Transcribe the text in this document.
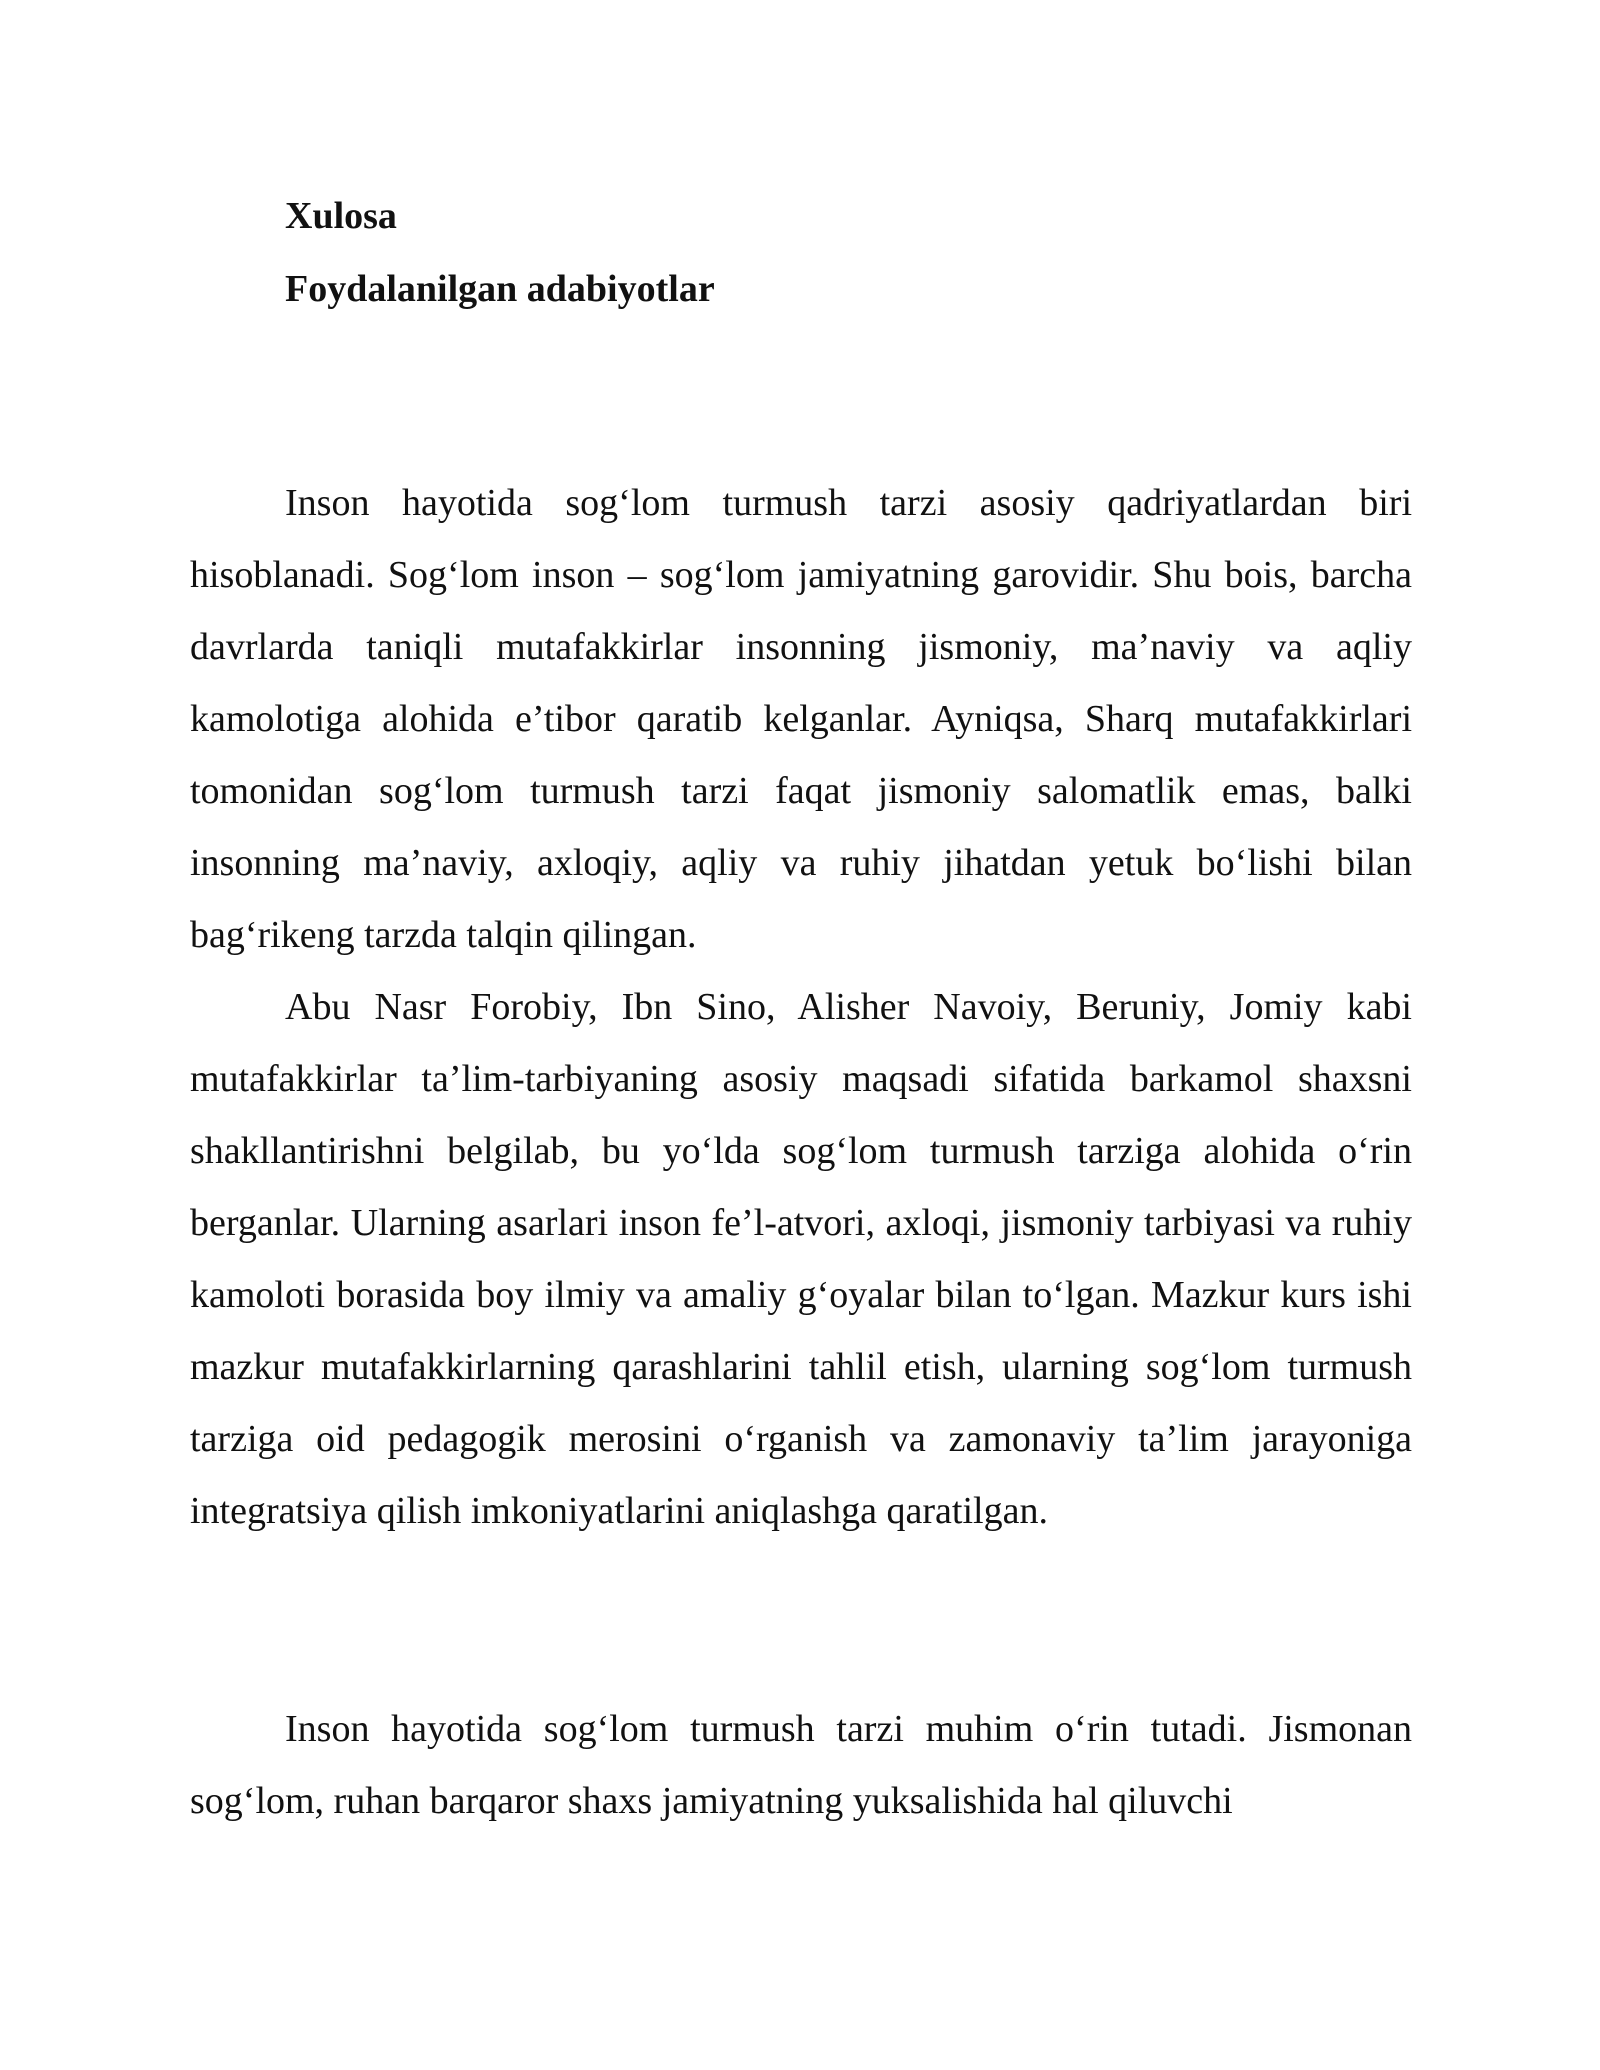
Xulosa
Foydalanilgan adabiyotlar

Inson hayotida sog‘lom turmush tarzi asosiy qadriyatlardan biri hisoblanadi. Sog‘lom inson – sog‘lom jamiyatning garovidir. Shu bois, barcha davrlarda taniqli mutafakkirlar insonning jismoniy, ma’naviy va aqliy kamolotiga alohida e’tibor qaratib kelganlar. Ayniqsa, Sharq mutafakkirlari tomonidan sog‘lom turmush tarzi faqat jismoniy salomatlik emas, balki insonning ma’naviy, axloqiy, aqliy va ruhiy jihatdan yetuk bo‘lishi bilan bag‘rikeng tarzda talqin qilingan.

Abu Nasr Forobiy, Ibn Sino, Alisher Navoiy, Beruniy, Jomiy kabi mutafakkirlar ta’lim-tarbiyaning asosiy maqsadi sifatida barkamol shaxsni shakllantirishni belgilab, bu yo‘lda sog‘lom turmush tarziga alohida o‘rin berganlar. Ularning asarlari inson fe’l-atvori, axloqi, jismoniy tarbiyasi va ruhiy kamoloti borasida boy ilmiy va amaliy g‘oyalar bilan to‘lgan. Mazkur kurs ishi mazkur mutafakkirlarning qarashlarini tahlil etish, ularning sog‘lom turmush tarziga oid pedagogik merosini o‘rganish va zamonaviy ta’lim jarayoniga integratsiya qilish imkoniyatlarini aniqlashga qaratilgan.

Inson hayotida sog‘lom turmush tarzi muhim o‘rin tutadi. Jismonan sog‘lom, ruhan barqaror shaxs jamiyatning yuksalishida hal qiluvchi
